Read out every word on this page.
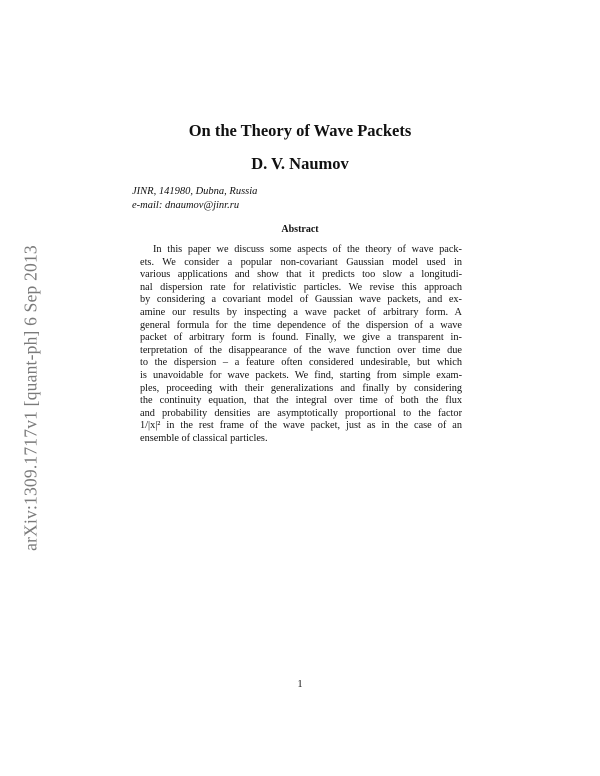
arXiv:1309.1717v1 [quant-ph] 6 Sep 2013
On the Theory of Wave Packets
D. V. Naumov
JINR, 141980, Dubna, Russia
e-mail: dnaumov@jinr.ru
Abstract
In this paper we discuss some aspects of the theory of wave pack-
ets. We consider a popular non-covariant Gaussian model used in
various applications and show that it predicts too slow a longitudi-
nal dispersion rate for relativistic particles. We revise this approach
by considering a covariant model of Gaussian wave packets, and ex-
amine our results by inspecting a wave packet of arbitrary form. A
general formula for the time dependence of the dispersion of a wave
packet of arbitrary form is found. Finally, we give a transparent in-
terpretation of the disappearance of the wave function over time due
to the dispersion – a feature often considered undesirable, but which
is unavoidable for wave packets. We find, starting from simple exam-
ples, proceeding with their generalizations and finally by considering
the continuity equation, that the integral over time of both the flux
and probability densities are asymptotically proportional to the factor
1/|x|² in the rest frame of the wave packet, just as in the case of an
ensemble of classical particles.
1
